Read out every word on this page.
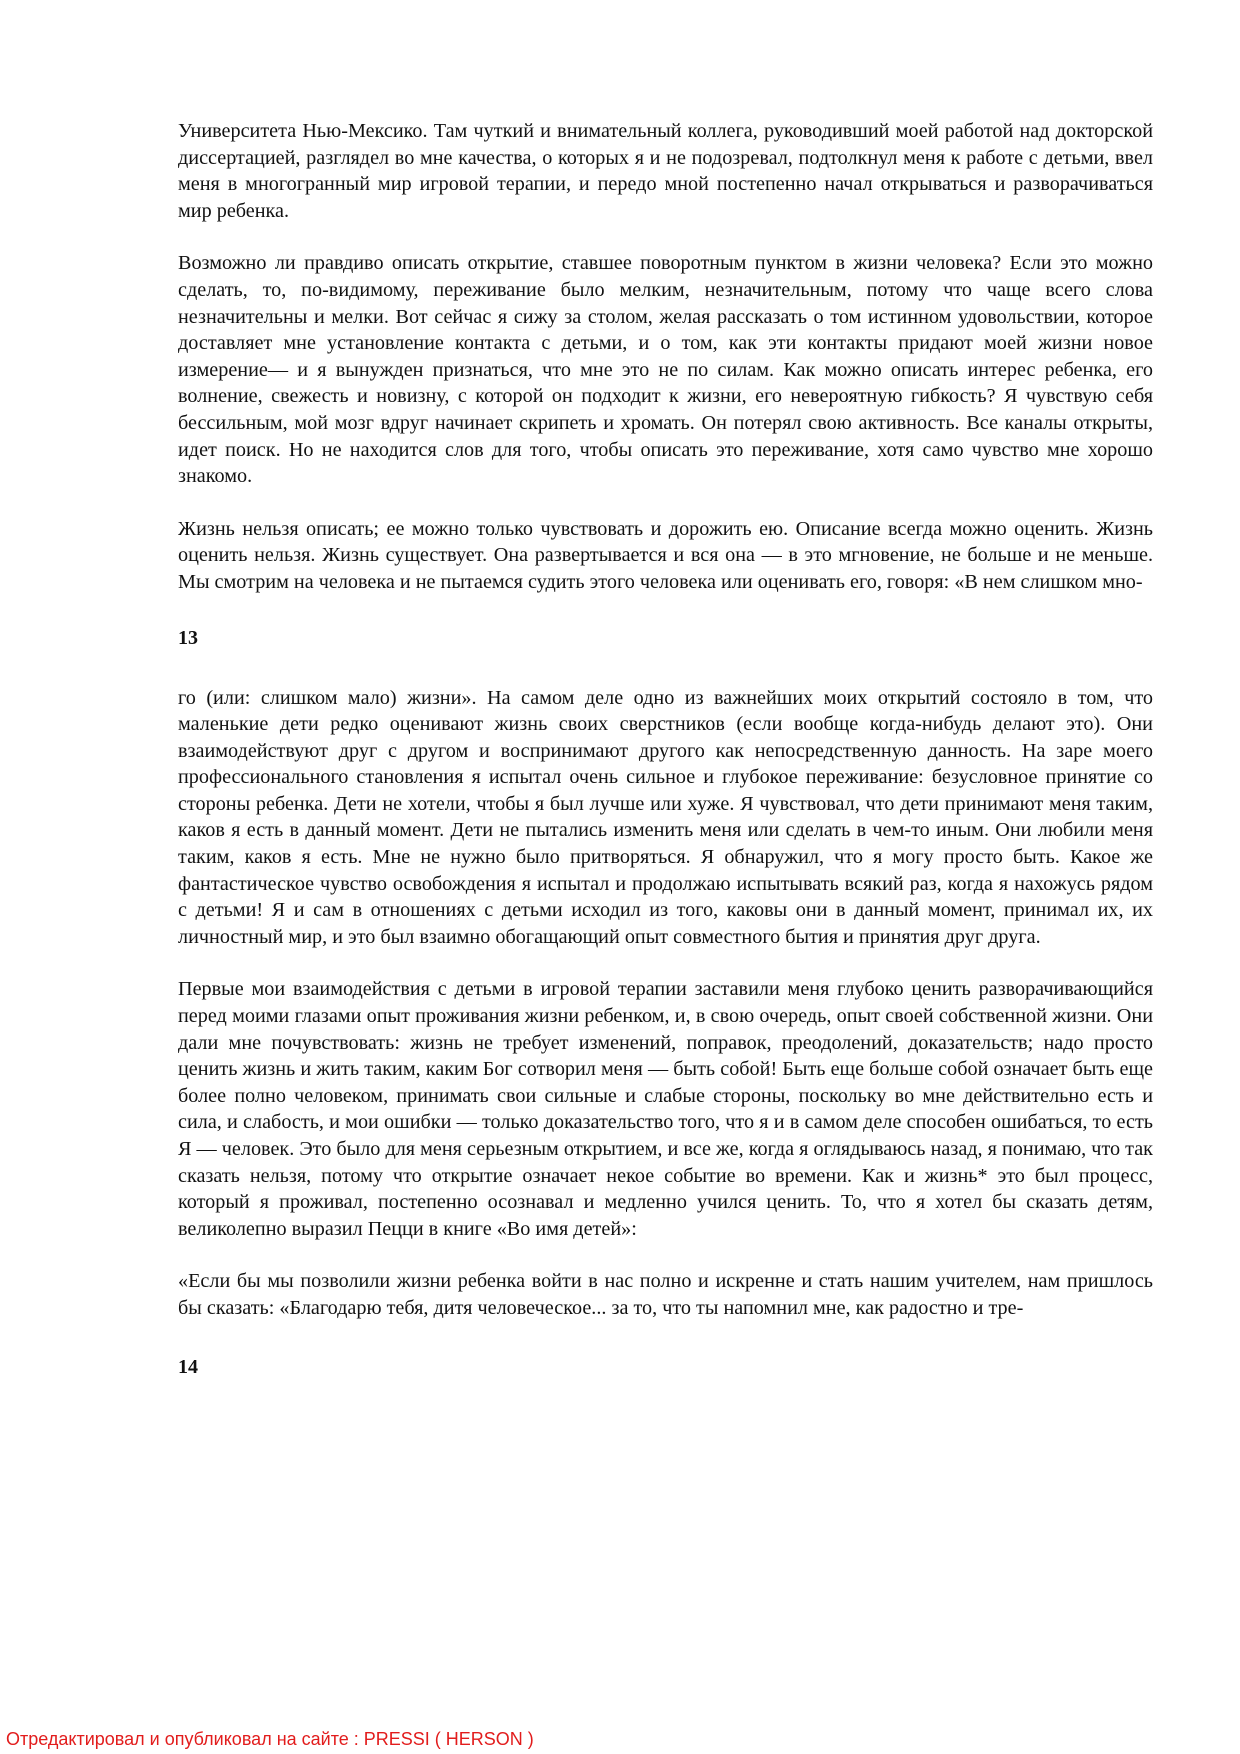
Университета Нью-Мексико. Там чуткий и внимательный коллега, руководивший моей работой над докторской диссертацией, разглядел во мне качества, о которых я и не подозревал, подтолкнул меня к работе с детьми, ввел меня в многогранный мир игровой терапии, и передо мной постепенно начал открываться и разворачиваться мир ребенка.

Возможно ли правдиво описать открытие, ставшее поворотным пунктом в жизни человека? Если это можно сделать, то, по-видимому, переживание было мелким, незначительным, потому что чаще всего слова незначительны и мелки. Вот сейчас я сижу за столом, желая рассказать о том истинном удовольствии, которое доставляет мне установление контакта с детьми, и о том, как эти контакты придают моей жизни новое измерение— и я вынужден признаться, что мне это не по силам. Как можно описать интерес ребенка, его волнение, свежесть и новизну, с которой он подходит к жизни, его невероятную гибкость? Я чувствую себя бессильным, мой мозг вдруг начинает скрипеть и хромать. Он потерял свою активность. Все каналы открыты, идет поиск. Но не находится слов для того, чтобы описать это переживание, хотя само чувство мне хорошо знакомо.

Жизнь нельзя описать; ее можно только чувствовать и дорожить ею. Описание всегда можно оценить. Жизнь оценить нельзя. Жизнь существует. Она развертывается и вся она — в это мгновение, не больше и не меньше. Мы смотрим на человека и не пытаемся судить этого человека или оценивать его, говоря: «В нем слишком мно-

13

го (или: слишком мало) жизни». На самом деле одно из важнейших моих открытий состояло в том, что маленькие дети редко оценивают жизнь своих сверстников (если вообще когда-нибудь делают это). Они взаимодействуют друг с другом и воспринимают другого как непосредственную данность. На заре моего профессионального становления я испытал очень сильное и глубокое переживание: безусловное принятие со стороны ребенка. Дети не хотели, чтобы я был лучше или хуже. Я чувствовал, что дети принимают меня таким, каков я есть в данный момент. Дети не пытались изменить меня или сделать в чем-то иным. Они любили меня таким, каков я есть. Мне не нужно было притворяться. Я обнаружил, что я могу просто быть. Какое же фантастическое чувство освобождения я испытал и продолжаю испытывать всякий раз, когда я нахожусь рядом с детьми! Я и сам в отношениях с детьми исходил из того, каковы они в данный момент, принимал их, их личностный мир, и это был взаимно обогащающий опыт совместного бытия и принятия друг друга.

Первые мои взаимодействия с детьми в игровой терапии заставили меня глубоко ценить разворачивающийся перед моими глазами опыт проживания жизни ребенком, и, в свою очередь, опыт своей собственной жизни. Они дали мне почувствовать: жизнь не требует изменений, поправок, преодолений, доказательств; надо просто ценить жизнь и жить таким, каким Бог сотворил меня — быть собой! Быть еще больше собой означает быть еще более полно человеком, принимать свои сильные и слабые стороны, поскольку во мне действительно есть и сила, и слабость, и мои ошибки — только доказательство того, что я и в самом деле способен ошибаться, то есть Я — человек. Это было для меня серьезным открытием, и все же, когда я оглядываюсь назад, я понимаю, что так сказать нельзя, потому что открытие означает некое событие во времени. Как и жизнь* это был процесс, который я проживал, постепенно осознавал и медленно учился ценить. То, что я хотел бы сказать детям, великолепно выразил Пецци в книге «Во имя детей»:

«Если бы мы позволили жизни ребенка войти в нас полно и искренне и стать нашим учителем, нам пришлось бы сказать: «Благодарю тебя, дитя человеческое... за то, что ты напомнил мне, как радостно и тре-

14
Отредактировал и опубликовал на сайте : PRESSI ( HERSON )
